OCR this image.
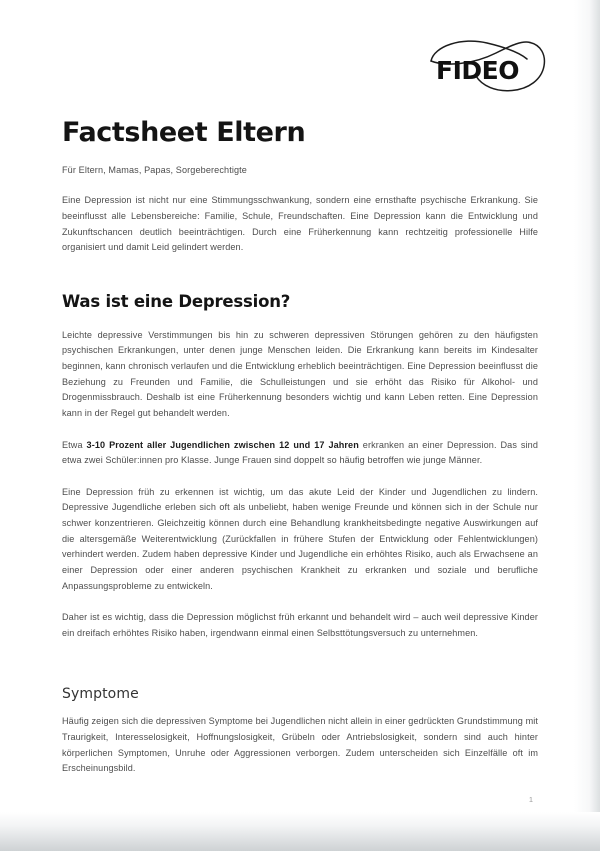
FIDEO
Factsheet Eltern
Für Eltern, Mamas, Papas, Sorgeberechtigte

Eine Depression ist nicht nur eine Stimmungsschwankung, sondern eine ernsthafte psychische Erkrankung. Sie beeinflusst alle Lebensbereiche: Familie, Schule, Freundschaften. Eine Depression kann die Entwicklung und Zukunftschancen deutlich beeinträchtigen. Durch eine Früherkennung kann rechtzeitig professionelle Hilfe organisiert und damit Leid gelindert werden.

Was ist eine Depression?

Leichte depressive Verstimmungen bis hin zu schweren depressiven Störungen gehören zu den häufigsten psychischen Erkrankungen, unter denen junge Menschen leiden. Die Erkrankung kann bereits im Kindesalter beginnen, kann chronisch verlaufen und die Entwicklung erheblich beeinträchtigen. Eine Depression beeinflusst die Beziehung zu Freunden und Familie, die Schulleistungen und sie erhöht das Risiko für Alkohol- und Drogenmissbrauch. Deshalb ist eine Früherkennung besonders wichtig und kann Leben retten. Eine Depression kann in der Regel gut behandelt werden.

Etwa 3-10 Prozent aller Jugendlichen zwischen 12 und 17 Jahren erkranken an einer Depression. Das sind etwa zwei Schüler:innen pro Klasse. Junge Frauen sind doppelt so häufig betroffen wie junge Männer.

Eine Depression früh zu erkennen ist wichtig, um das akute Leid der Kinder und Jugendlichen zu lindern. Depressive Jugendliche erleben sich oft als unbeliebt, haben wenige Freunde und können sich in der Schule nur schwer konzentrieren. Gleichzeitig können durch eine Behandlung krankheitsbedingte negative Auswirkungen auf die altersgemäße Weiterentwicklung (Zurückfallen in frühere Stufen der Entwicklung oder Fehlentwicklungen) verhindert werden. Zudem haben depressive Kinder und Jugendliche ein erhöhtes Risiko, auch als Erwachsene an einer Depression oder einer anderen psychischen Krankheit zu erkranken und soziale und berufliche Anpassungsprobleme zu entwickeln.

Daher ist es wichtig, dass die Depression möglichst früh erkannt und behandelt wird – auch weil depressive Kinder ein dreifach erhöhtes Risiko haben, irgendwann einmal einen Selbsttötungsversuch zu unternehmen.

Symptome

Häufig zeigen sich die depressiven Symptome bei Jugendlichen nicht allein in einer gedrückten Grundstimmung mit Traurigkeit, Interesselosigkeit, Hoffnungslosigkeit, Grübeln oder Antriebslosigkeit, sondern sind auch hinter körperlichen Symptomen, Unruhe oder Aggressionen verborgen. Zudem unterscheiden sich Einzelfälle oft im Erscheinungsbild.

1
